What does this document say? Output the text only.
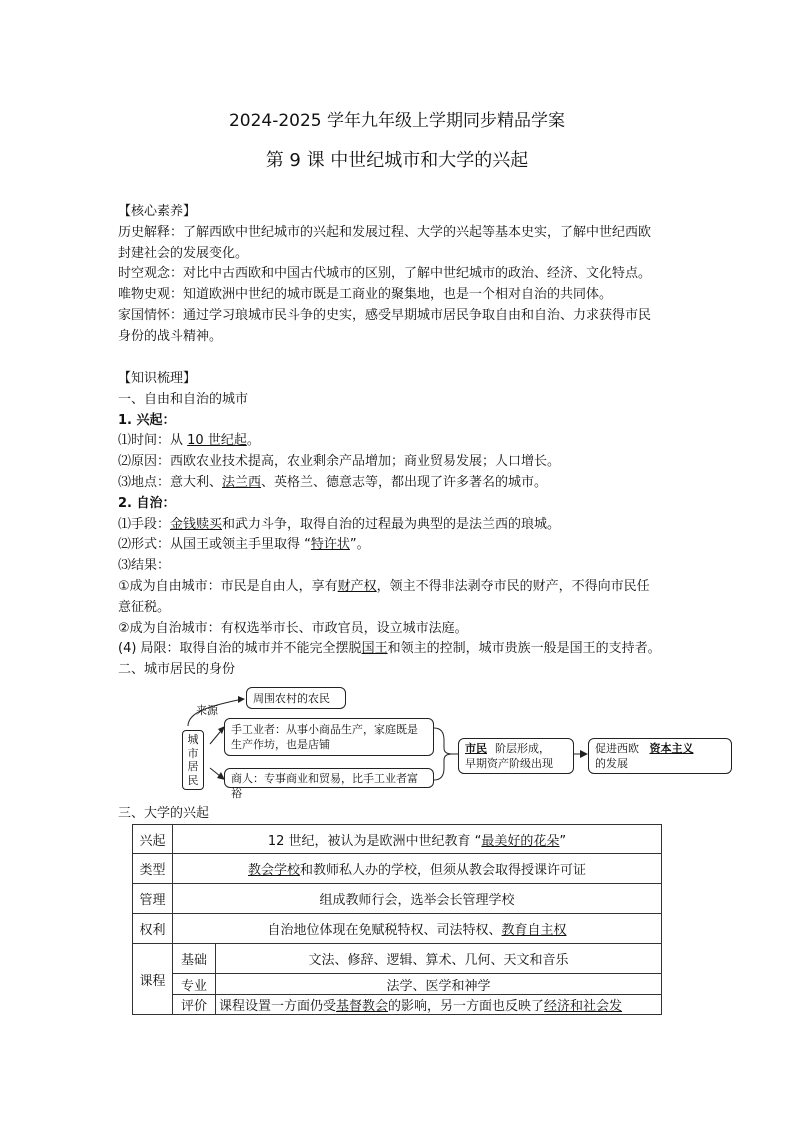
2024-2025 学年九年级上学期同步精品学案
第 9 课 中世纪城市和大学的兴起

【核心素养】

历史解释：了解西欧中世纪城市的兴起和发展过程、大学的兴起等基本史实，了解中世纪西欧

封建社会的发展变化。

时空观念：对比中古西欧和中国古代城市的区别，了解中世纪城市的政治、经济、文化特点。

唯物史观：知道欧洲中世纪的城市既是工商业的聚集地，也是一个相对自治的共同体。

家国情怀：通过学习琅城市民斗争的史实，感受早期城市居民争取自由和自治、力求获得市民

身份的战斗精神。

【知识梳理】

一、自由和自治的城市

1. 兴起：

⑴时间：从 10 世纪起。

⑵原因：西欧农业技术提高，农业剩余产品增加；商业贸易发展；人口增长。

⑶地点：意大利、法兰西、英格兰、德意志等，都出现了许多著名的城市。

2. 自治：

⑴手段：金钱赎买和武力斗争，取得自治的过程最为典型的是法兰西的琅城。

⑵形式：从国王或领主手里取得 “特许状”。

⑶结果：

①成为自由城市：市民是自由人，享有财产权，领主不得非法剥夺市民的财产，不得向市民任

意征税。

②成为自治城市：有权选举市长、市政官员，设立城市法庭。

(4) 局限：取得自治的城市并不能完全摆脱国王和领主的控制，城市贵族一般是国王的支持者。

二、城市居民的身份

来源
周围农村的农民
城市居民
手工业者：从事小商品生产，家庭既是生产作坊，也是店铺
商人：专事商业和贸易，比手工业者富裕
市民 阶层形成，
早期资产阶级出现
促进西欧 资本主义
的发展
三、大学的兴起
兴起	12 世纪，被认为是欧洲中世纪教育 “最美好的花朵”	
类型	教会学校和教师私人办的学校，但须从教会取得授课许可证	
管理	组成教师行会，选举会长管理学校	
权利	自治地位体现在免赋税特权、司法特权、教育自主权	
课程	基础	文法、修辞、逻辑、算术、几何、天文和音乐
	专业	法学、医学和神学
	评价	课程设置一方面仍受基督教会的影响，另一方面也反映了经济和社会发
